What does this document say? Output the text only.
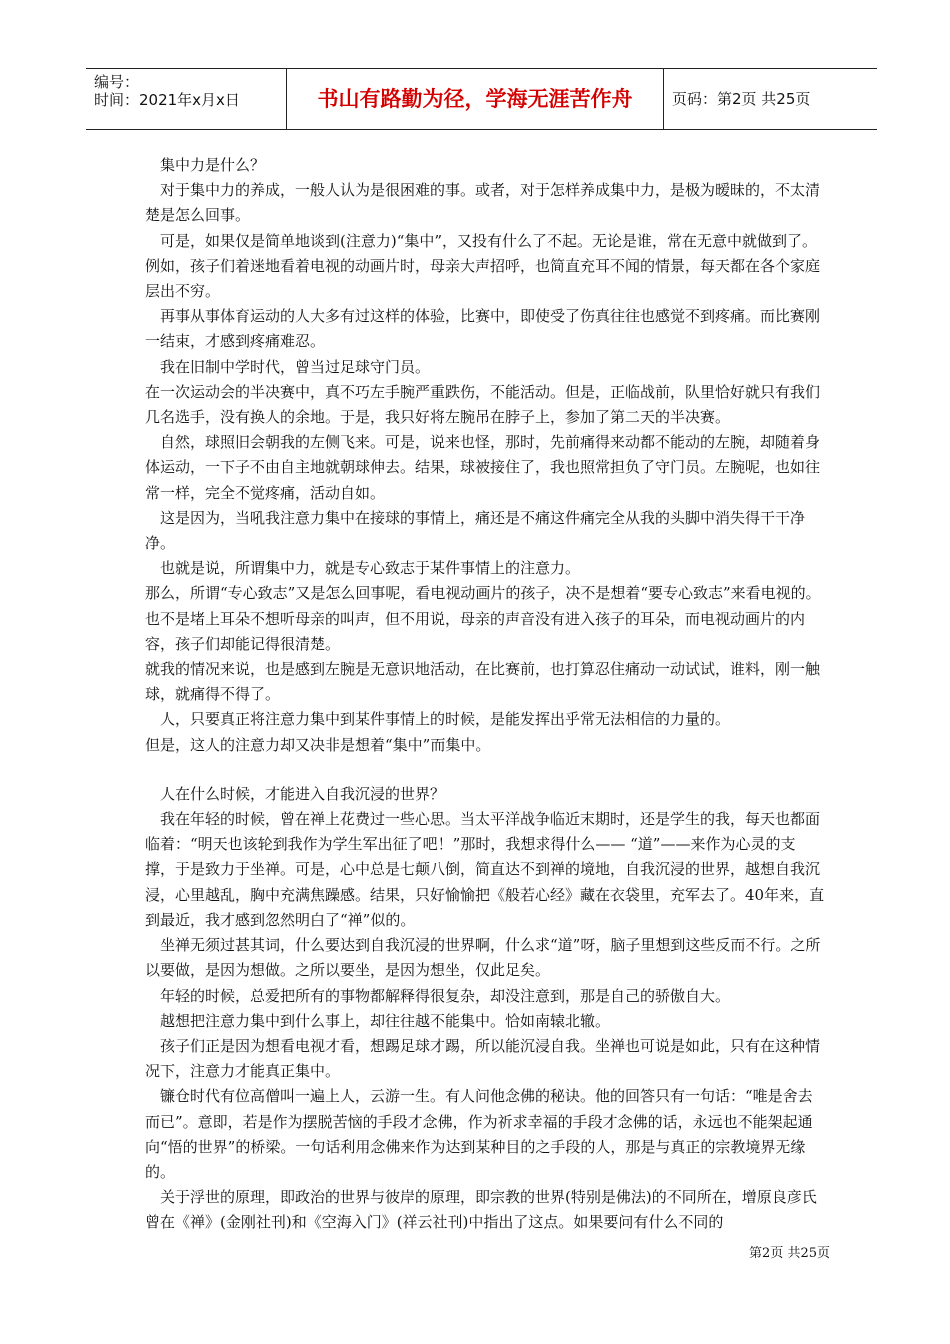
编号：
时间：2021年x月x日	书山有路勤为径，学海无涯苦作舟	页码：第2页 共25页

集中力是什么？

对于集中力的养成，一般人认为是很困难的事。或者，对于怎样养成集中力，是极为暧昧的，不太清楚是怎么回事。

可是，如果仅是简单地谈到(注意力)“集中”，又投有什么了不起。无论是谁，常在无意中就做到了。例如，孩子们着迷地看着电视的动画片时，母亲大声招呼，也简直充耳不闻的情景，每天都在各个家庭层出不穷。

再事从事体育运动的人大多有过这样的体验，比赛中，即使受了伤真往往也感觉不到疼痛。而比赛刚一结束，才感到疼痛难忍。

我在旧制中学时代，曾当过足球守门员。

在一次运动会的半决赛中，真不巧左手腕严重跌伤，不能活动。但是，正临战前，队里恰好就只有我们几名选手，没有换人的余地。于是，我只好将左腕吊在脖子上，参加了第二天的半决赛。

自然，球照旧会朝我的左侧飞来。可是，说来也怪，那时，先前痛得来动都不能动的左腕，却随着身体运动，一下子不由自主地就朝球伸去。结果，球被接住了，我也照常担负了守门员。左腕呢，也如往常一样，完全不觉疼痛，活动自如。

这是因为，当吼我注意力集中在接球的事情上，痛还是不痛这件痛完全从我的头脚中消失得干干净净。

也就是说，所谓集中力，就是专心致志于某件事情上的注意力。

那么，所谓“专心致志”又是怎么回事呢，看电视动画片的孩子，决不是想着“要专心致志”来看电视的。也不是堵上耳朵不想听母亲的叫声，但不用说，母亲的声音没有进入孩子的耳朵，而电视动画片的内容，孩子们却能记得很清楚。

就我的情况来说，也是感到左腕是无意识地活动，在比赛前，也打算忍住痛动一动试试，谁料，刚一触球，就痛得不得了。

人，只要真正将注意力集中到某件事情上的时候，是能发挥出乎常无法相信的力量的。

但是，这人的注意力却又决非是想着“集中”而集中。

人在什么时候，才能进入自我沉浸的世界？

我在年轻的时候，曾在禅上花费过一些心思。当太平洋战争临近末期时，还是学生的我，每天也都面临着：“明天也该轮到我作为学生军出征了吧！”那时，我想求得什么—— “道”——来作为心灵的支撑，于是致力于坐禅。可是，心中总是七颠八倒，简直达不到禅的境地，自我沉浸的世界，越想自我沉浸，心里越乱，胸中充满焦躁感。结果，只好愉愉把《般若心经》藏在衣袋里，充军去了。40年来，直到最近，我才感到忽然明白了“禅”似的。

坐禅无须过甚其词，什么要达到自我沉浸的世界啊，什么求“道”呀，脑子里想到这些反而不行。之所以要做，是因为想做。之所以要坐，是因为想坐，仅此足矣。

年轻的时候，总爱把所有的事物都解释得很复杂，却没注意到，那是自己的骄傲自大。

越想把注意力集中到什么事上，却往往越不能集中。恰如南辕北辙。

孩子们正是因为想看电视才看，想踢足球才踢，所以能沉浸自我。坐禅也可说是如此，只有在这种情况下，注意力才能真正集中。

镰仓时代有位高僧叫一遍上人，云游一生。有人问他念佛的秘诀。他的回答只有一句话：“唯是舍去而已”。意即，若是作为摆脱苦恼的手段才念佛，作为祈求幸福的手段才念佛的话，永远也不能架起通向“悟的世界”的桥梁。一句话利用念佛来作为达到某种目的之手段的人，那是与真正的宗教境界无缘的。

关于浮世的原理，即政治的世界与彼岸的原理，即宗教的世界(特别是佛法)的不同所在，增原良彦氏曾在《禅》(金刚社刊)和《空海入门》(祥云社刊)中指出了这点。如果要问有什么不同的

第2页 共25页
